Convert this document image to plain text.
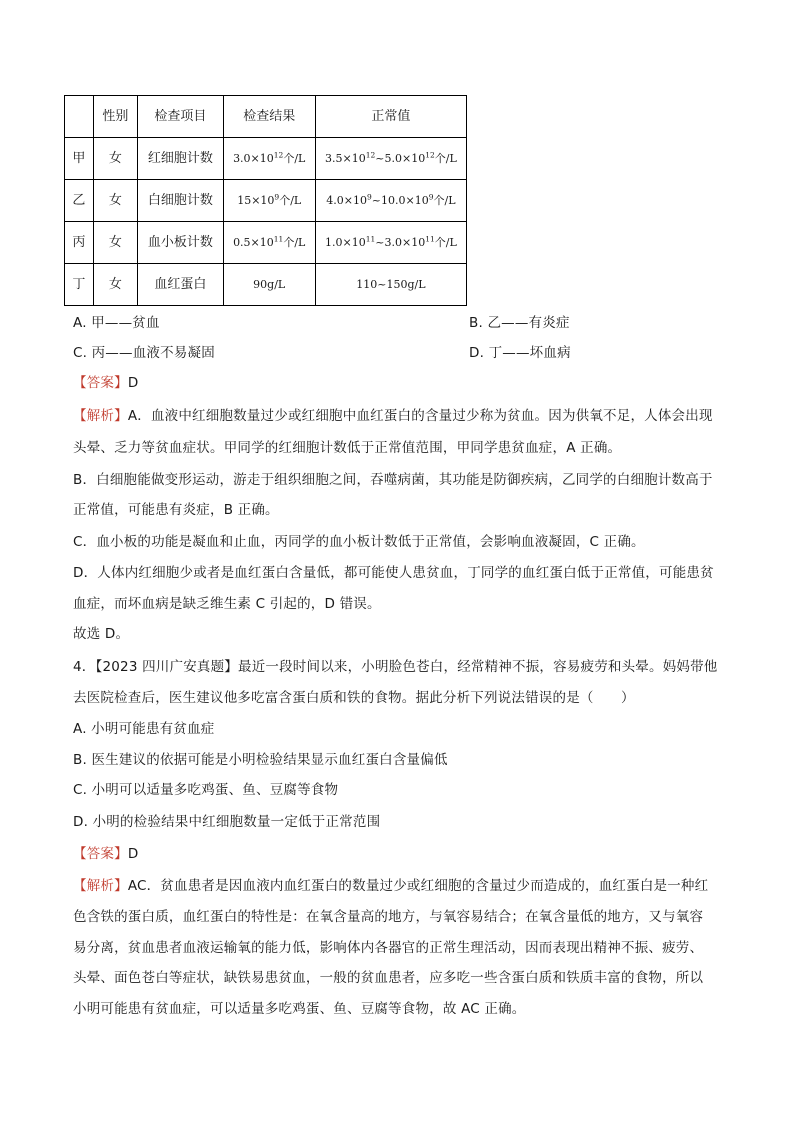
	性别	检查项目	检查结果	正常值
甲	女	红细胞计数	$3.0\times 10^{12}$个/L	$3.5\times 10^{12}\sim 5.0\times 10^{12}$个/L
乙	女	白细胞计数	$15\times 10^9$个/L	$4.0\times 10^9\sim 10.0\times 10^9$个/L
丙	女	血小板计数	$0.5\times 10^{11}$个/L	$1.0\times 10^{11}\sim 3.0\times 10^{11}$个/L
丁	女	血红蛋白	90g/L	110~150g/L
A. 甲——贫血	B. 乙——有炎症
C. 丙——血液不易凝固	D. 丁——坏血病
【答案】D
【解析】A．血液中红细胞数量过少或红细胞中血红蛋白的含量过少称为贫血。因为供氧不足，人体会出现
头晕、乏力等贫血症状。甲同学的红细胞计数低于正常值范围，甲同学患贫血症，A 正确。
B．白细胞能做变形运动，游走于组织细胞之间，吞噬病菌，其功能是防御疾病，乙同学的白细胞计数高于
正常值，可能患有炎症，B 正确。
C．血小板的功能是凝血和止血，丙同学的血小板计数低于正常值，会影响血液凝固，C 正确。
D．人体内红细胞少或者是血红蛋白含量低，都可能使人患贫血，丁同学的血红蛋白低于正常值，可能患贫
血症，而坏血病是缺乏维生素 C 引起的，D 错误。
故选 D。
4．【2023 四川广安真题】最近一段时间以来，小明脸色苍白，经常精神不振，容易疲劳和头晕。妈妈带他
去医院检查后，医生建议他多吃富含蛋白质和铁的食物。据此分析下列说法错误的是（　　）
A. 小明可能患有贫血症
B. 医生建议的依据可能是小明检验结果显示血红蛋白含量偏低
C. 小明可以适量多吃鸡蛋、鱼、豆腐等食物
D. 小明的检验结果中红细胞数量一定低于正常范围
【答案】D
【解析】AC．贫血患者是因血液内血红蛋白的数量过少或红细胞的含量过少而造成的，血红蛋白是一种红
色含铁的蛋白质，血红蛋白的特性是：在氧含量高的地方，与氧容易结合；在氧含量低的地方，又与氧容
易分离，贫血患者血液运输氧的能力低，影响体内各器官的正常生理活动，因而表现出精神不振、疲劳、
头晕、面色苍白等症状，缺铁易患贫血，一般的贫血患者，应多吃一些含蛋白质和铁质丰富的食物，所以
小明可能患有贫血症，可以适量多吃鸡蛋、鱼、豆腐等食物，故 AC 正确。
